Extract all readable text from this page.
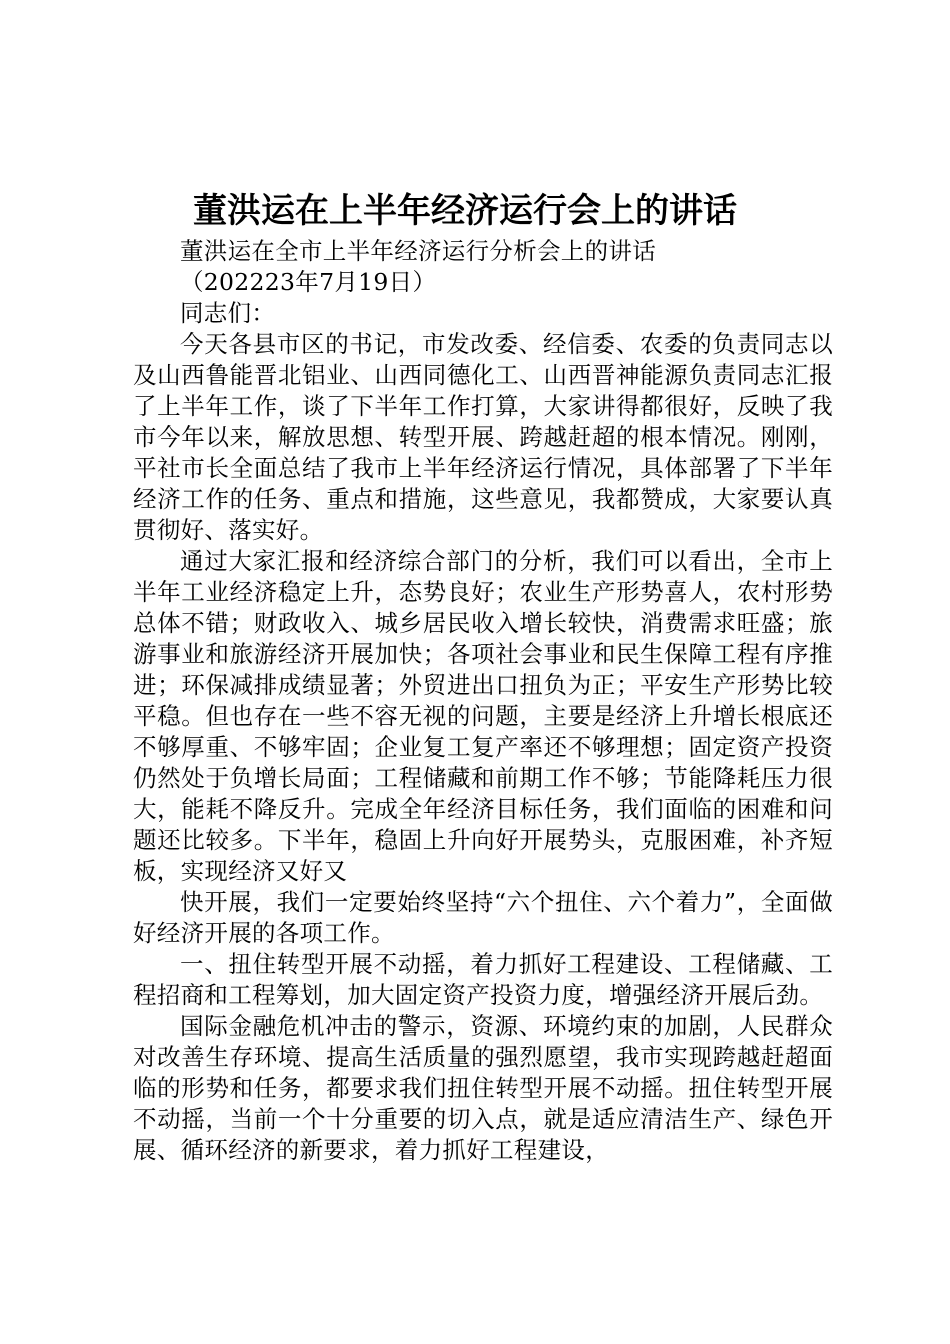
董洪运在上半年经济运行会上的讲话

董洪运在全市上半年经济运行分析会上的讲话

（202223年7月19日）

同志们：

今天各县市区的书记，市发改委、经信委、农委的负责同志以及山西鲁能晋北铝业、山西同德化工、山西晋神能源负责同志汇报了上半年工作，谈了下半年工作打算，大家讲得都很好，反映了我市今年以来，解放思想、转型开展、跨越赶超的根本情况。刚刚，平社市长全面总结了我市上半年经济运行情况，具体部署了下半年经济工作的任务、重点和措施，这些意见，我都赞成，大家要认真贯彻好、落实好。

通过大家汇报和经济综合部门的分析，我们可以看出，全市上半年工业经济稳定上升，态势良好；农业生产形势喜人，农村形势总体不错；财政收入、城乡居民收入增长较快，消费需求旺盛；旅游事业和旅游经济开展加快；各项社会事业和民生保障工程有序推进；环保减排成绩显著；外贸进出口扭负为正；平安生产形势比较平稳。但也存在一些不容无视的问题，主要是经济上升增长根底还不够厚重、不够牢固；企业复工复产率还不够理想；固定资产投资仍然处于负增长局面；工程储藏和前期工作不够；节能降耗压力很大，能耗不降反升。完成全年经济目标任务，我们面临的困难和问题还比较多。下半年，稳固上升向好开展势头，克服困难，补齐短板，实现经济又好又

快开展，我们一定要始终坚持“六个扭住、六个着力”，全面做好经济开展的各项工作。

一、扭住转型开展不动摇，着力抓好工程建设、工程储藏、工程招商和工程筹划，加大固定资产投资力度，增强经济开展后劲。

国际金融危机冲击的警示，资源、环境约束的加剧，人民群众对改善生存环境、提高生活质量的强烈愿望，我市实现跨越赶超面临的形势和任务，都要求我们扭住转型开展不动摇。扭住转型开展不动摇，当前一个十分重要的切入点，就是适应清洁生产、绿色开展、循环经济的新要求，着力抓好工程建设，
